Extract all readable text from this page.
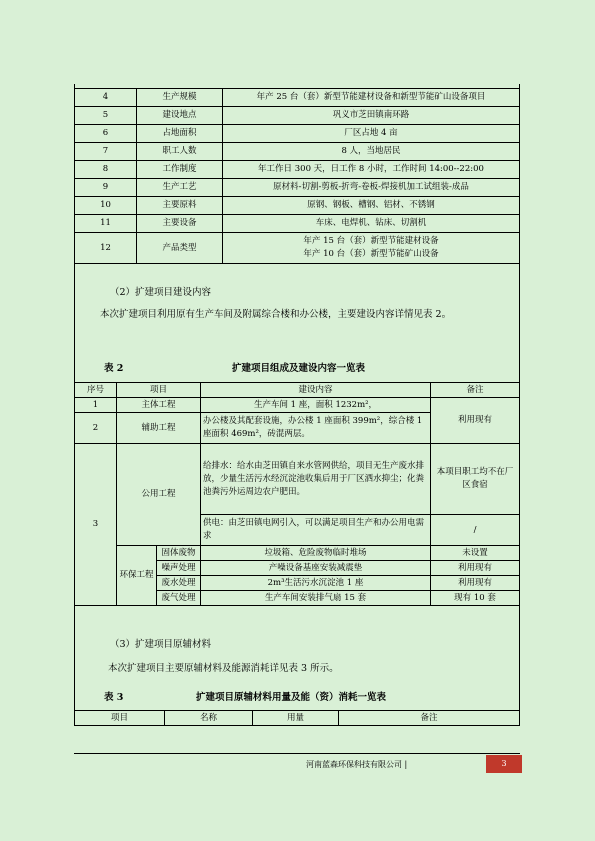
4	生产规模	年产 25 台（套）新型节能建材设备和新型节能矿山设备项目
5	建设地点	巩义市芝田镇南环路
6	占地面积	厂区占地 4 亩
7	职工人数	8 人，当地居民
8	工作制度	年工作日 300 天，日工作 8 小时，工作时间 14:00--22:00
9	生产工艺	原材料-切割-剪板-折弯-卷板-焊接机加工试组装-成品
10	主要原料	原钢、钢板、槽钢、铝材、不锈钢
11	主要设备	车床、电焊机、钻床、切割机
12	产品类型	年产 15 台（套）新型节能建材设备
年产 10 台（套）新型节能矿山设备
（2）扩建项目建设内容
本次扩建项目利用原有生产车间及附属综合楼和办公楼，主要建设内容详情见表 2。
表 2	扩建项目组成及建设内容一览表
序号	项目		建设内容	备注
1	主体工程		生产车间 1 座，面积 1232m²，	利用现有
2	辅助工程		办公楼及其配套设施，办公楼 1 座面积 399m²，综合楼 1 座面积 469m²，砖混两层。	
3	公用工程		给排水：给水由芝田镇自来水管网供给，项目无生产废水排放，少量生活污水经沉淀池收集后用于厂区洒水抑尘；化粪池粪污外运周边农户肥田。	本项目职工均不在厂区食宿
			供电：由芝田镇电网引入，可以满足项目生产和办公用电需求	/
	环保工程	固体废物	垃圾箱、危险废物临时堆场	未设置
		噪声处理	产噪设备基座安装减震垫	利用现有
		废水处理	2m³生活污水沉淀池 1 座	利用现有
		废气处理	生产车间安装排气扇 15 套	现有 10 套
（3）扩建项目原辅材料
本次扩建项目主要原辅材料及能源消耗详见表 3 所示。
表 3	扩建项目原辅材料用量及能（资）消耗一览表
项目	名称	用量	备注
河南蓝森环保科技有限公司 |	3
